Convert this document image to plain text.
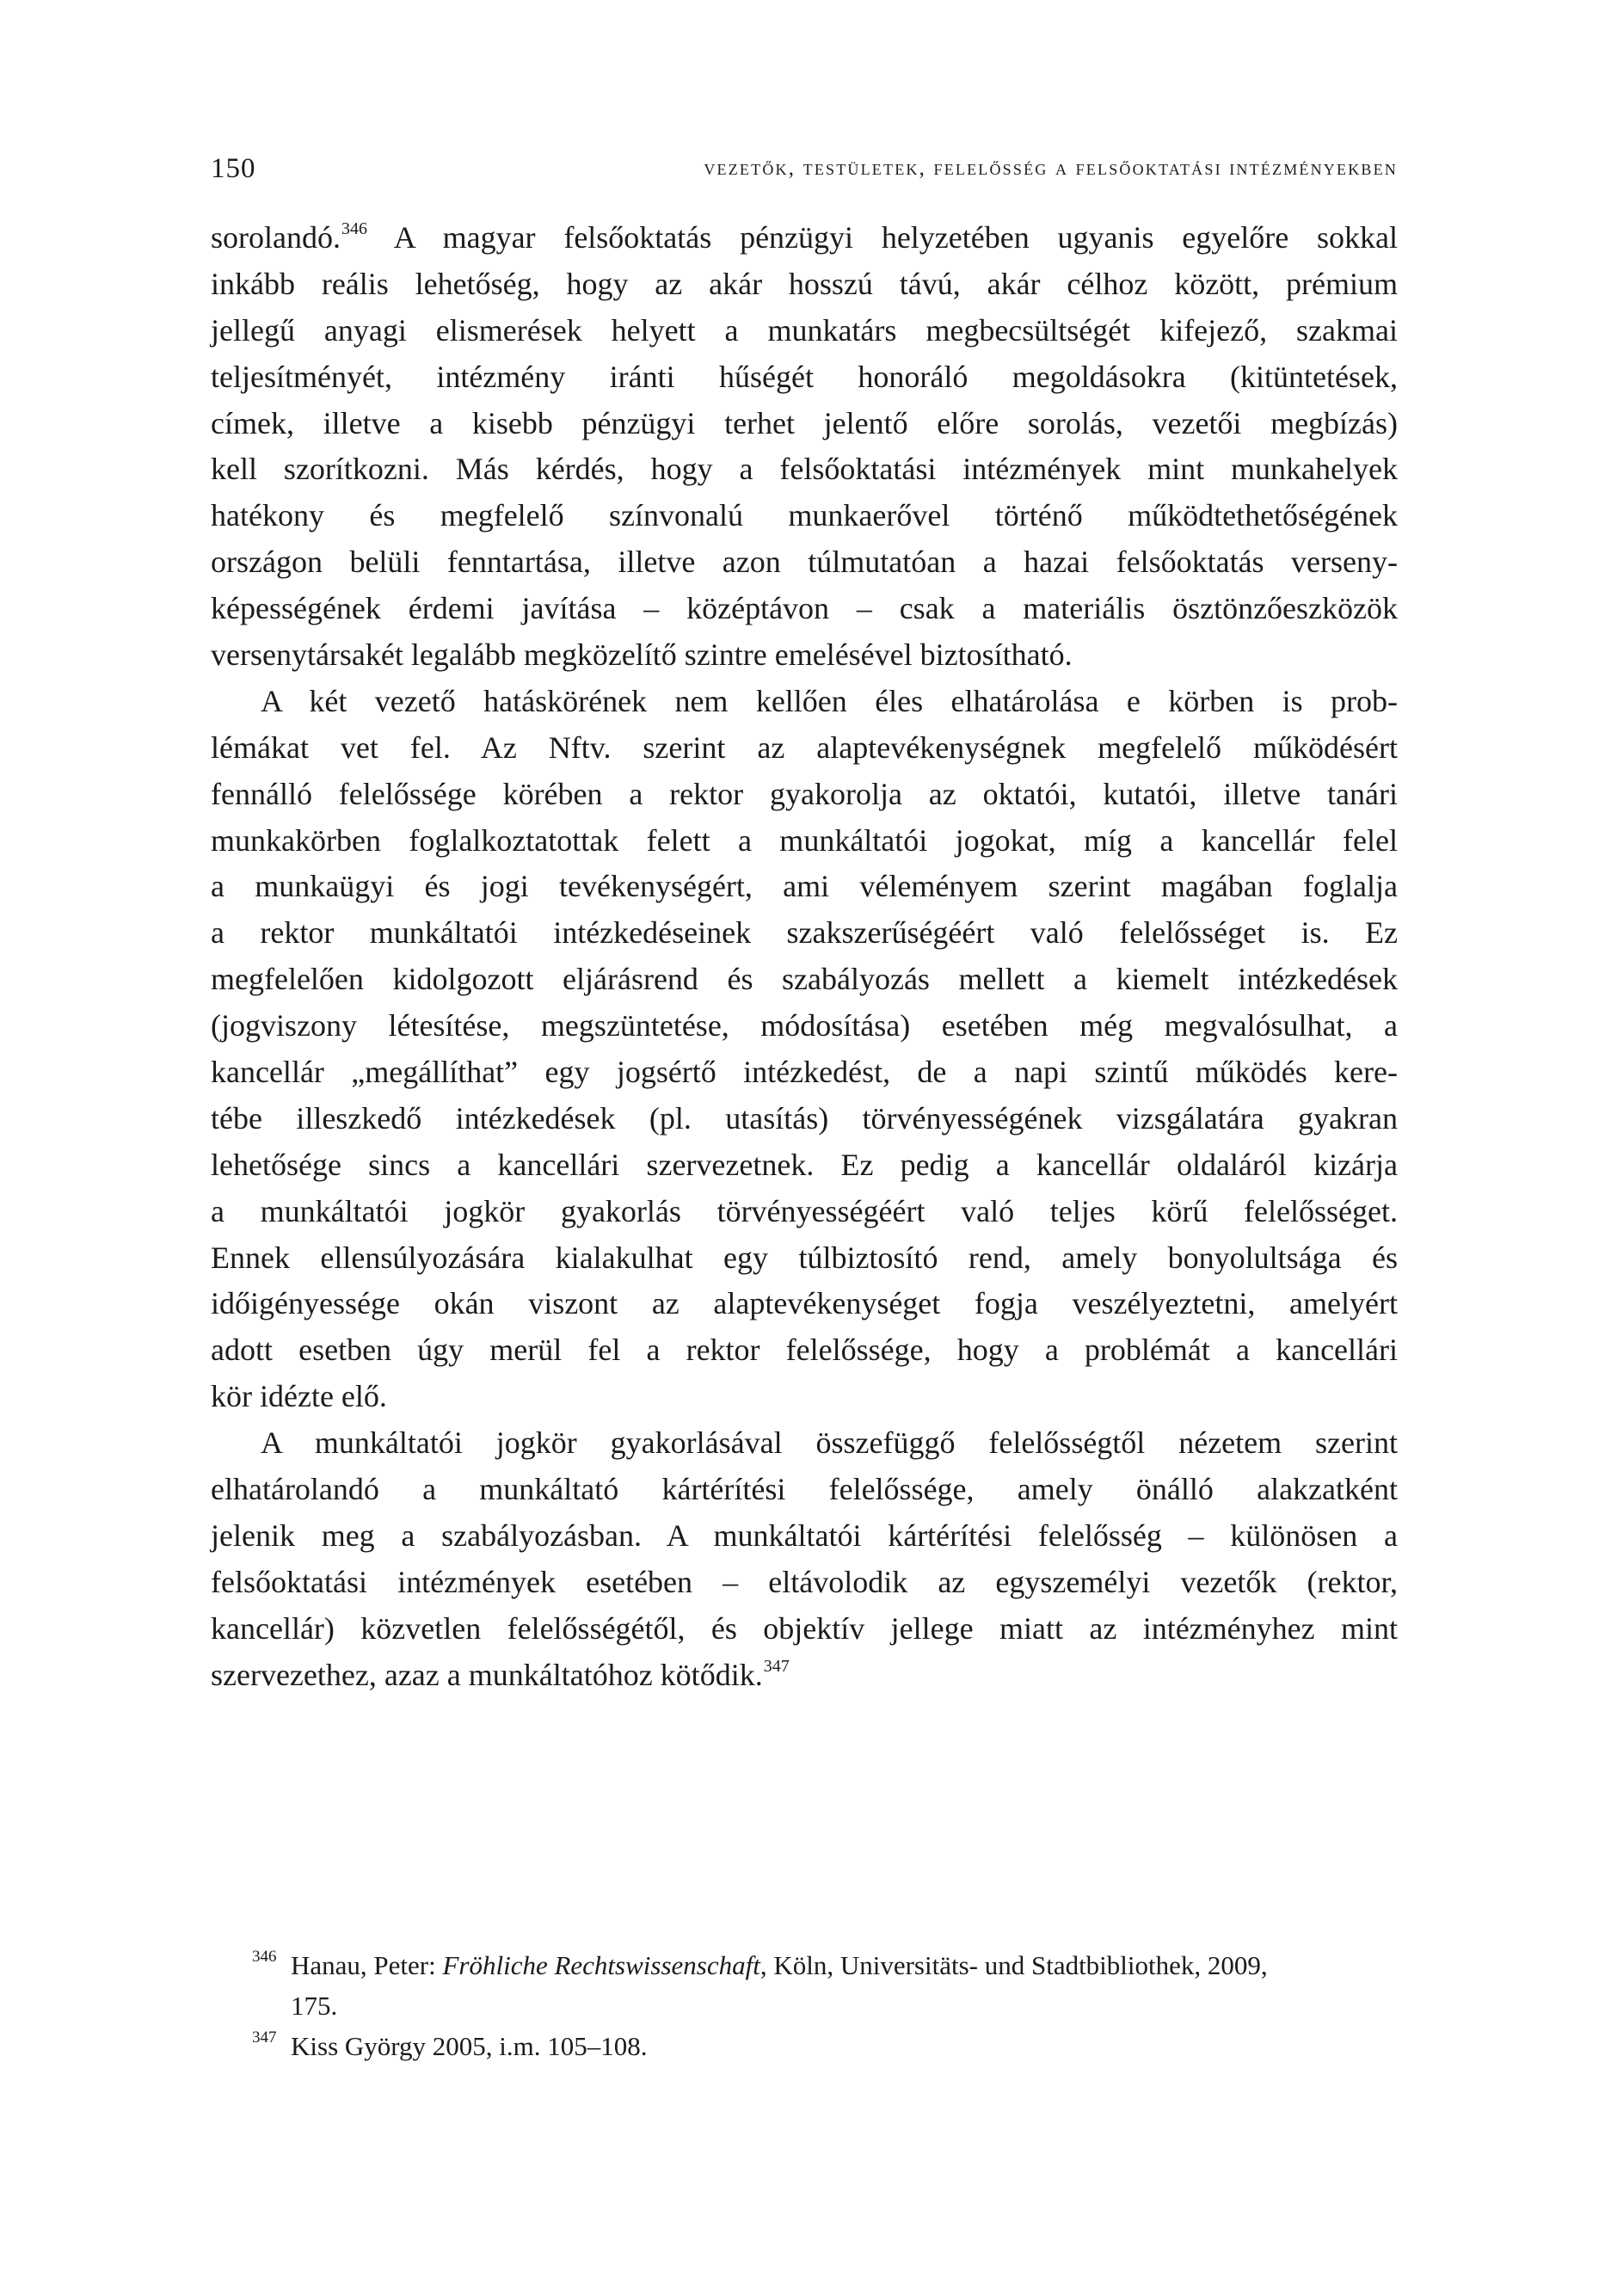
150	vezetők, testületek, felelősség a felsőoktatási intézményekben
sorolandó.$^{346}$ A magyar felsőoktatás pénzügyi helyzetében ugyanis egyelőre sokkal
inkább reális lehetőség, hogy az akár hosszú távú, akár célhoz között, prémium
jellegű anyagi elismerések helyett a munkatárs megbecsültségét kifejező, szakmai
teljesítményét, intézmény iránti hűségét honoráló megoldásokra (kitüntetések,
címek, illetve a kisebb pénzügyi terhet jelentő előre sorolás, vezetői megbízás)
kell szorítkozni. Más kérdés, hogy a felsőoktatási intézmények mint munkahelyek
hatékony és megfelelő színvonalú munkaerővel történő működtethetőségének
országon belüli fenntartása, illetve azon túlmutatóan a hazai felsőoktatás verseny-
képességének érdemi javítása – középtávon – csak a materiális ösztönzőeszközök
versenytársakét legalább megközelítő szintre emelésével biztosítható.
A két vezető hatáskörének nem kellően éles elhatárolása e körben is prob-
lémákat vet fel. Az Nftv. szerint az alaptevékenységnek megfelelő működésért
fennálló felelőssége körében a rektor gyakorolja az oktatói, kutatói, illetve tanári
munkakörben foglalkoztatottak felett a munkáltatói jogokat, míg a kancellár felel
a munkaügyi és jogi tevékenységért, ami véleményem szerint magában foglalja
a rektor munkáltatói intézkedéseinek szakszerűségéért való felelősséget is. Ez
megfelelően kidolgozott eljárásrend és szabályozás mellett a kiemelt intézkedések
(jogviszony létesítése, megszüntetése, módosítása) esetében még megvalósulhat, a
kancellár „megállíthat” egy jogsértő intézkedést, de a napi szintű működés kere-
tébe illeszkedő intézkedések (pl. utasítás) törvényességének vizsgálatára gyakran
lehetősége sincs a kancellári szervezetnek. Ez pedig a kancellár oldaláról kizárja
a munkáltatói jogkör gyakorlás törvényességéért való teljes körű felelősséget.
Ennek ellensúlyozására kialakulhat egy túlbiztosító rend, amely bonyolultsága és
időigényessége okán viszont az alaptevékenységet fogja veszélyeztetni, amelyért
adott esetben úgy merül fel a rektor felelőssége, hogy a problémát a kancellári
kör idézte elő.
A munkáltatói jogkör gyakorlásával összefüggő felelősségtől nézetem szerint
elhatárolandó a munkáltató kártérítési felelőssége, amely önálló alakzatként
jelenik meg a szabályozásban. A munkáltatói kártérítési felelősség – különösen a
felsőoktatási intézmények esetében – eltávolodik az egyszemélyi vezetők (rektor,
kancellár) közvetlen felelősségétől, és objektív jellege miatt az intézményhez mint
szervezethez, azaz a munkáltatóhoz kötődik.$^{347}$

346 Hanau, Peter: Fröhliche Rechtswissenschaft, Köln, Universitäts- und Stadtbibliothek, 2009,
175.

347 Kiss György 2005, i.m. 105–108.
